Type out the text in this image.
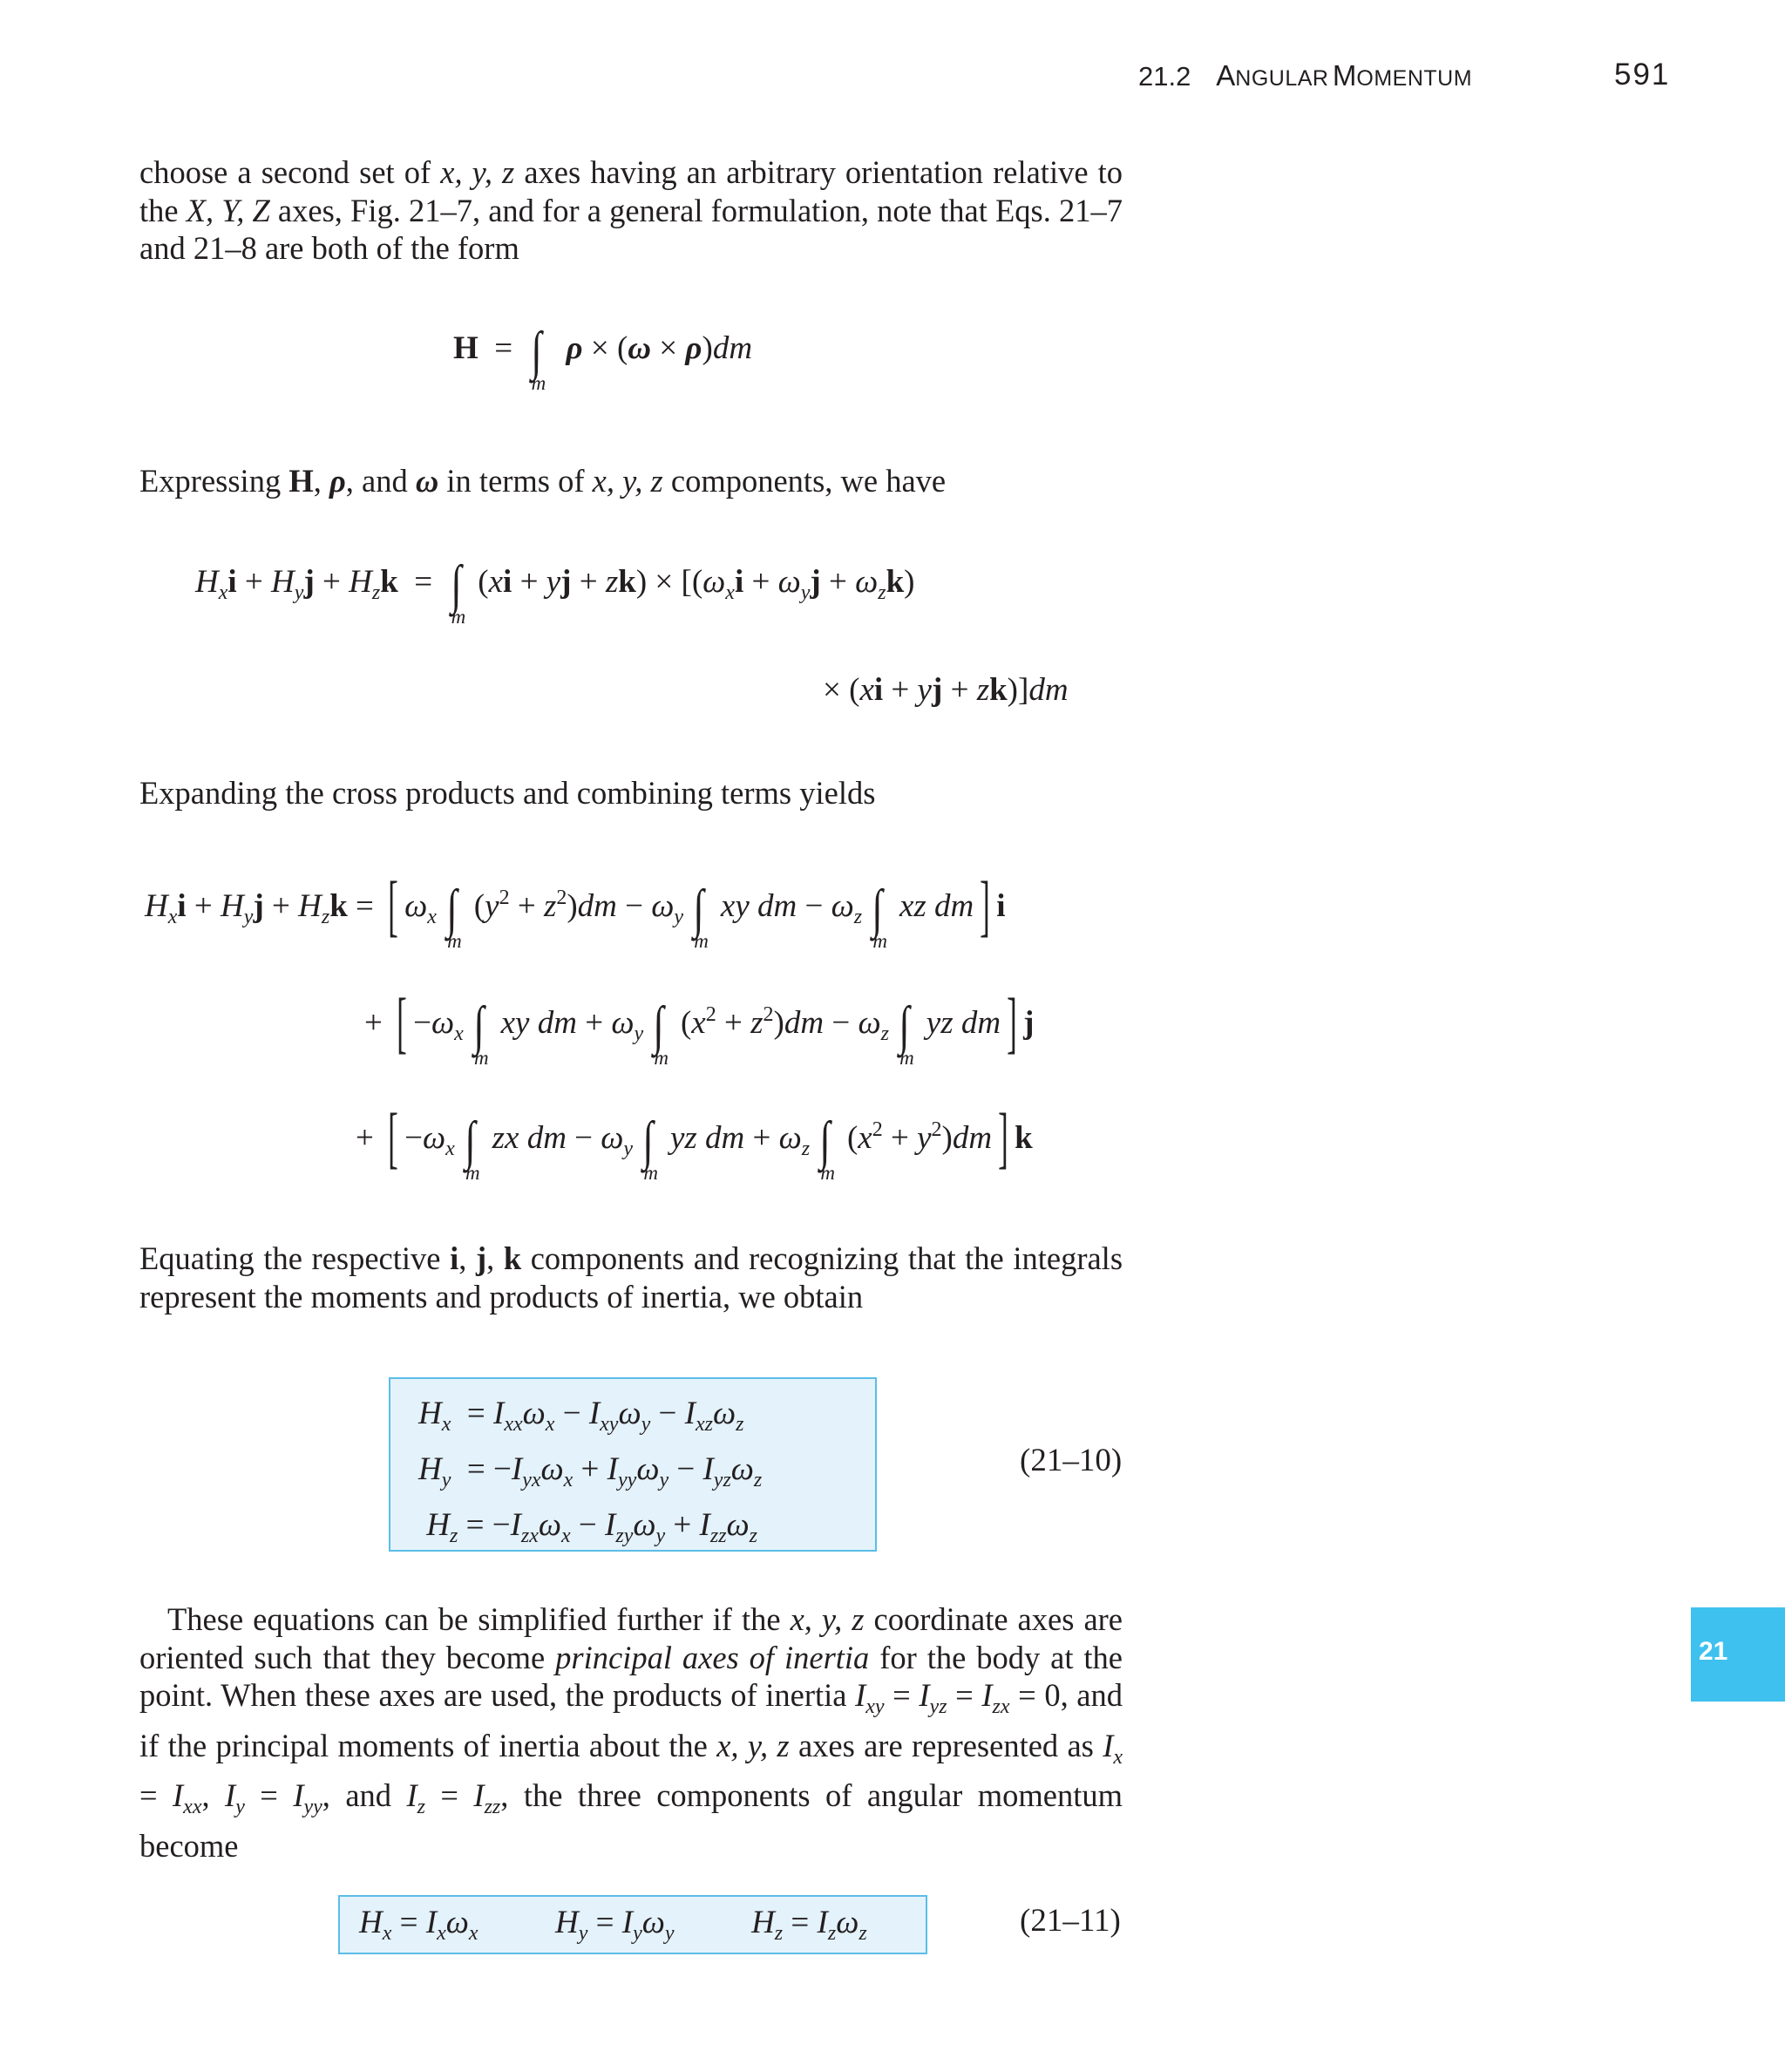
21.2 ANGULAR MOMENTUM	591

choose a second set of x, y, z axes having an arbitrary orientation relative to the X, Y, Z axes, Fig. 21–7, and for a general formulation, note that Eqs. 21–7 and 21–8 are both of the form

$H = \int_m$ ρ × (ω × ρ)dm

Expressing H, ρ, and ω in terms of x, y, z components, we have

$H_xi + H_yj + H_zk = \int_m(xi$ + yj + $zk) \times [(\omega_xi + \omega_yj + \omega_zk)$
× (xi + yj + zk)]dm

Expanding the cross products and combining terms yields

$H_xi + H_yj + H_zk$ = [ $\omega_x$ $\int_m(y^2 + z^2)dm - \omega_y$ $\int_mxy$ dm − $\omega_z$ $\int_mxz$ dm] i
+ [ $-\omega_x$ $\int_mxy$ dm + $\omega_y$ $\int_m(x^2 + z^2)dm - \omega_z$ $\int_myz$ dm] j
+ [ $-\omega_x$ $\int_mzx$ dm − $\omega_y$ $\int_myz$ dm + $\omega_z$ $\int_m(x^2 + y^2)dm$] k

Equating the respective i, j, k components and recognizing that the integrals represent the moments and products of inertia, we obtain

$H_x = I_{xx}\omega_x - I_{xy}\omega_y - I_{xz}\omega_z$
$H_y = -I_{yx}\omega_x + I_{yy}\omega_y - I_{yz}\omega_z$
$H_z = -I_{zx}\omega_x - I_{zy}\omega_y + I_{zz}\omega_z$
(21–10)

These equations can be simplified further if the x, y, z coordinate axes are oriented such that they become principal axes of inertia for the body at the point. When these axes are used, the products of inertia $I_{xy} = I_{yz} = I_{zx} = 0$, and if the principal moments of inertia about the x, y, z axes are represented as $I_x = I_{xx}$, $I_y = I_{yy}$, and $I_z = I_{zz}$, the three components of angular momentum become

$H_x = I_x\omega_x$ $H_y = I_y\omega_y$ $H_z = I_z\omega_z$	(21–11)
21
